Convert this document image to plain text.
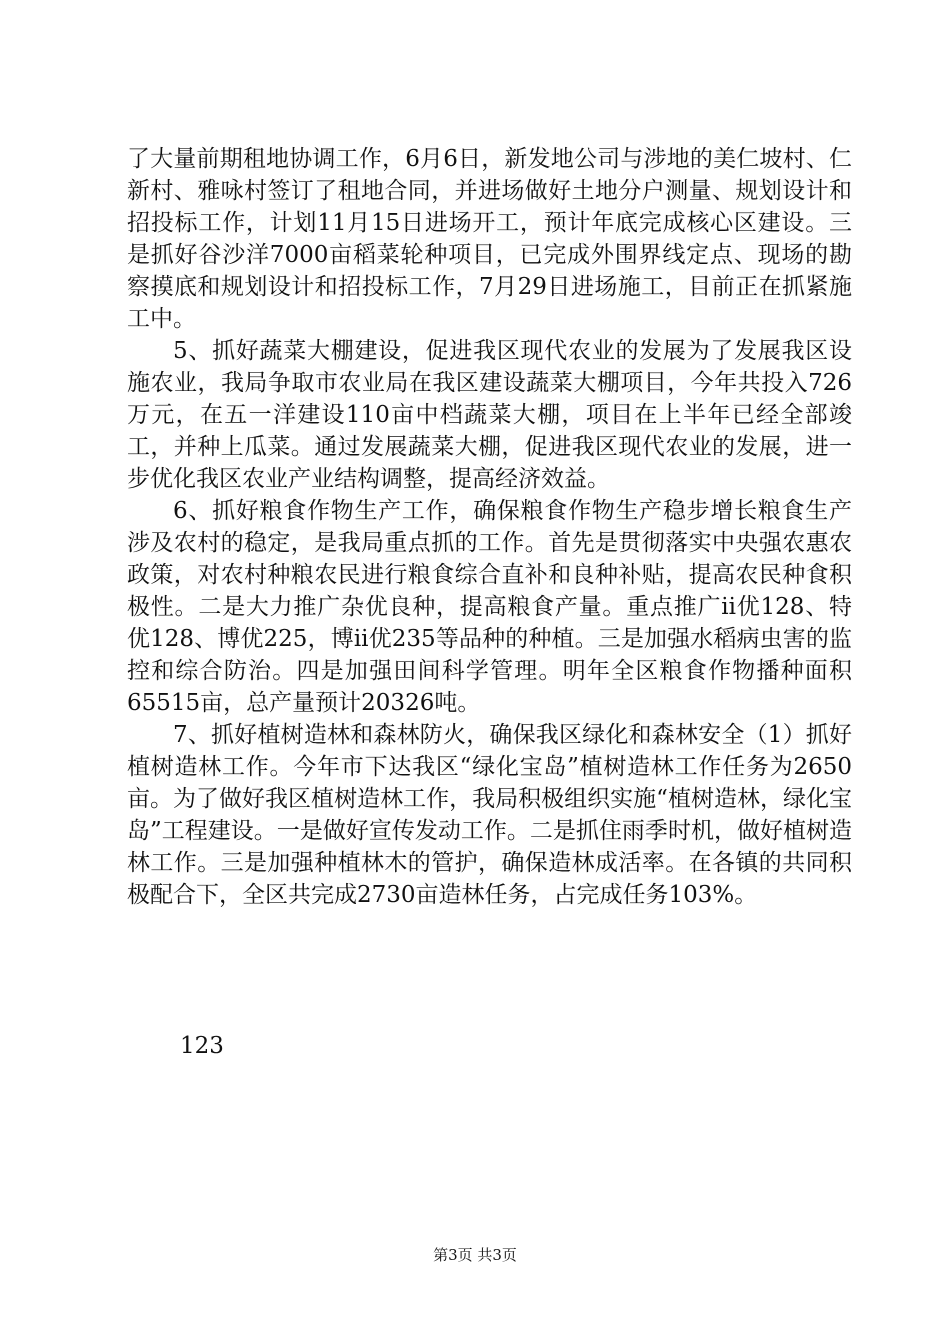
了大量前期租地协调工作，6月6日，新发地公司与涉地的美仁坡村、仁新村、雅咏村签订了租地合同，并进场做好土地分户测量、规划设计和招投标工作，计划11月15日进场开工，预计年底完成核心区建设。三是抓好谷沙洋7000亩稻菜轮种项目，已完成外围界线定点、现场的勘察摸底和规划设计和招投标工作，7月29日进场施工，目前正在抓紧施工中。

5、抓好蔬菜大棚建设，促进我区现代农业的发展为了发展我区设施农业，我局争取市农业局在我区建设蔬菜大棚项目，今年共投入726万元，在五一洋建设110亩中档蔬菜大棚，项目在上半年已经全部竣工，并种上瓜菜。通过发展蔬菜大棚，促进我区现代农业的发展，进一步优化我区农业产业结构调整，提高经济效益。

6、抓好粮食作物生产工作，确保粮食作物生产稳步增长粮食生产涉及农村的稳定，是我局重点抓的工作。首先是贯彻落实中央强农惠农政策，对农村种粮农民进行粮食综合直补和良种补贴，提高农民种食积极性。二是大力推广杂优良种，提高粮食产量。重点推广ii优128、特优128、博优225，博ii优235等品种的种植。三是加强水稻病虫害的监控和综合防治。四是加强田间科学管理。明年全区粮食作物播种面积65515亩，总产量预计20326吨。

7、抓好植树造林和森林防火，确保我区绿化和森林安全（1）抓好植树造林工作。今年市下达我区“绿化宝岛”植树造林工作任务为2650亩。为了做好我区植树造林工作，我局积极组织实施“植树造林，绿化宝岛”工程建设。一是做好宣传发动工作。二是抓住雨季时机，做好植树造林工作。三是加强种植林木的管护，确保造林成活率。在各镇的共同积极配合下，全区共完成2730亩造林任务，占完成任务103%。

123
第3页 共3页
